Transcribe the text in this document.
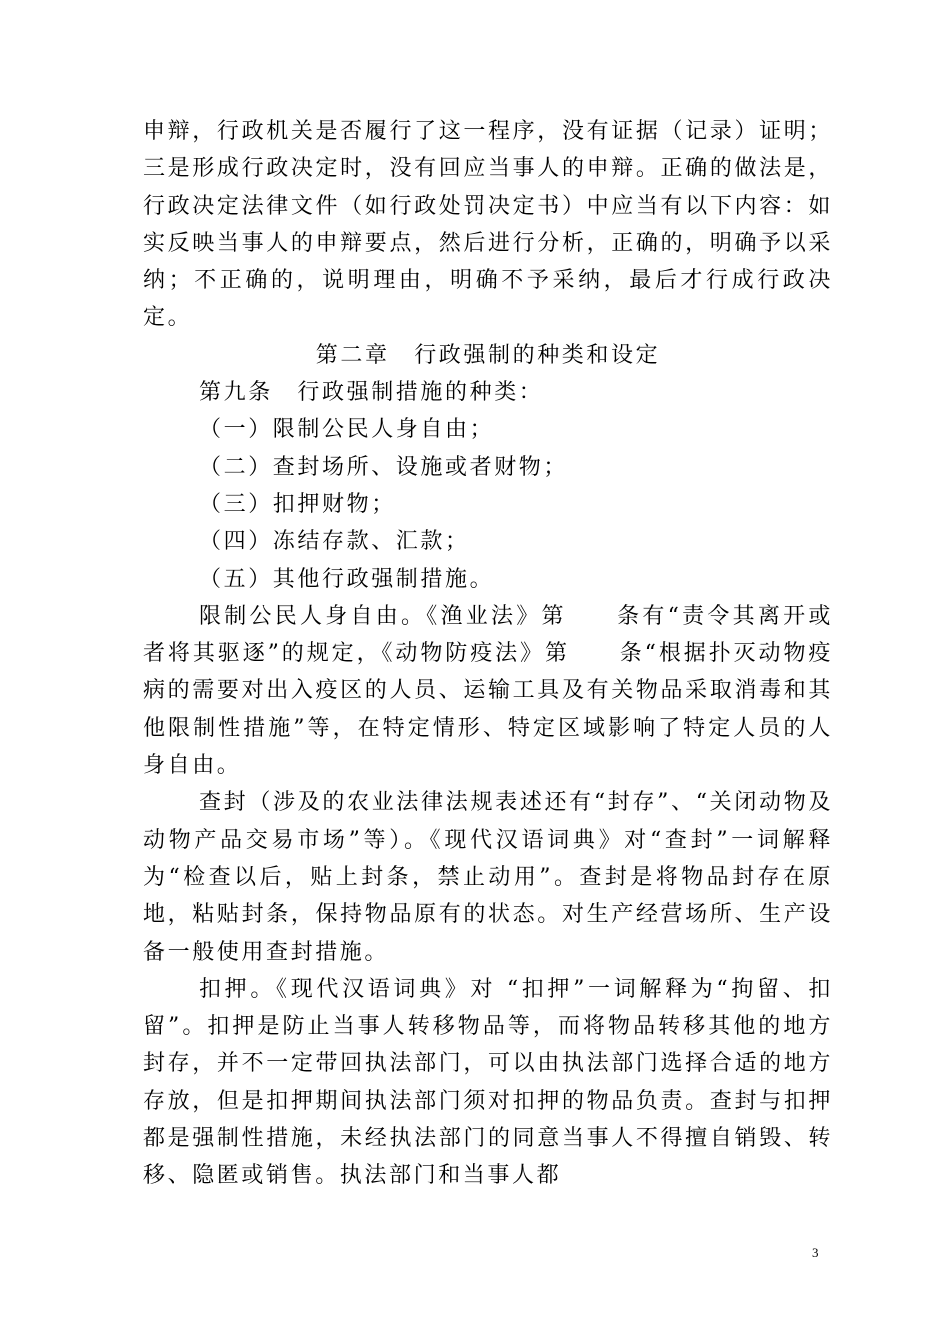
申辩，行政机关是否履行了这一程序，没有证据（记录）证明；三是形成行政决定时，没有回应当事人的申辩。正确的做法是，行政决定法律文件（如行政处罚决定书）中应当有以下内容：如实反映当事人的申辩要点，然后进行分析，正确的，明确予以采纳；不正确的，说明理由，明确不予采纳，最后才行成行政决定。

第二章　行政强制的种类和设定

第九条　行政强制措施的种类：

（一）限制公民人身自由；

（二）查封场所、设施或者财物；

（三）扣押财物；

（四）冻结存款、汇款；

（五）其他行政强制措施。

限制公民人身自由。《渔业法》第　　条有“责令其离开或者将其驱逐”的规定，《动物防疫法》第　　条“根据扑灭动物疫病的需要对出入疫区的人员、运输工具及有关物品采取消毒和其他限制性措施”等，在特定情形、特定区域影响了特定人员的人身自由。

查封（涉及的农业法律法规表述还有“封存”、“关闭动物及动物产品交易市场”等）。《现代汉语词典》对“查封”一词解释为“检查以后，贴上封条，禁止动用”。查封是将物品封存在原地，粘贴封条，保持物品原有的状态。对生产经营场所、生产设备一般使用查封措施。

扣押。《现代汉语词典》对 “扣押”一词解释为“拘留、扣留”。扣押是防止当事人转移物品等，而将物品转移其他的地方封存，并不一定带回执法部门，可以由执法部门选择合适的地方存放，但是扣押期间执法部门须对扣押的物品负责。查封与扣押都是强制性措施，未经执法部门的同意当事人不得擅自销毁、转移、隐匿或销售。执法部门和当事人都

3
